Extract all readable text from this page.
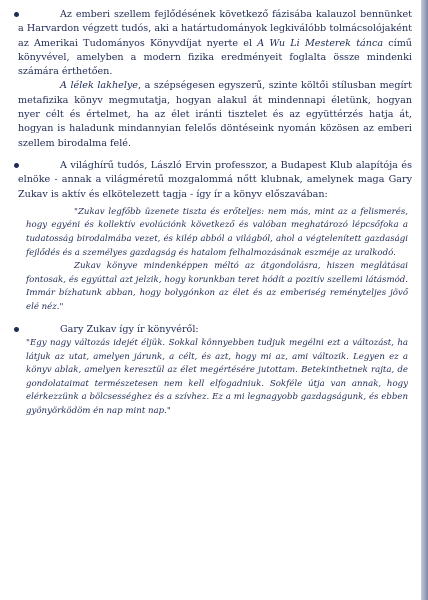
Az emberi szellem fejlődésének következő fázisába kalauzol bennünket a Harvardon végzett tudós, aki a határtudományok legkiválóbb tolmácsolójaként az Amerikai Tudományos Könyvdíjat nyerte el A Wu Li Mesterek tánca című könyvével, amelyben a modern fizika eredményeit foglalta össze mindenki számára érthetően.

A lélek lakhelye, a szépségesen egyszerű, szinte költői stílusban megírt metafizika könyv megmutatja, hogyan alakul át mindennapi életünk, hogyan nyer célt és értelmet, ha az élet iránti tisztelet és az együttérzés hatja át, hogyan is haladunk mindannyian felelős döntéseink nyomán közösen az emberi szellem birodalma felé.

A világhírű tudós, László Ervin professzor, a Budapest Klub alapítója és elnöke - annak a világméretű mozgalommá nőtt klubnak, amelynek maga Gary Zukav is aktív és elkötelezett tagja - így ír a könyv előszavában:

"Zukav legfőbb üzenete tiszta és erőteljes: nem más, mint az a felismerés, hogy egyéni és kollektív evolúciónk következő és valóban meghatározó lépcsőfoka a tudatosság birodalmába vezet, és kilép abból a világból, ahol a végtelenített gazdasági fejlődés és a személyes gazdagság és hatalom felhalmozásának eszméje az uralkodó.

Zukav könyve mindenképpen méltó az átgondolásra, hiszen meglátásai fontosak, és egyúttal azt jelzik, hogy korunkban teret hódít a pozitív szellemi látásmód. Immár bízhatunk abban, hogy bolygónkon az élet és az emberiség reményteljes jövő elé néz."

Gary Zukav így ír könyvéről:

"Egy nagy változás idejét éljük. Sokkal könnyebben tudjuk megélni ezt a változást, ha látjuk az utat, amelyen járunk, a célt, és azt, hogy mi az, ami változik. Legyen ez a könyv ablak, amelyen keresztül az élet megértésére jutottam. Betekinthetnek rajta, de gondolataimat természetesen nem kell elfogadniuk. Sokféle útja van annak, hogy elérkezzünk a bölcsességhez és a szívhez. Ez a mi legnagyobb gazdagságunk, és ebben gyönyörködöm én nap mint nap."
